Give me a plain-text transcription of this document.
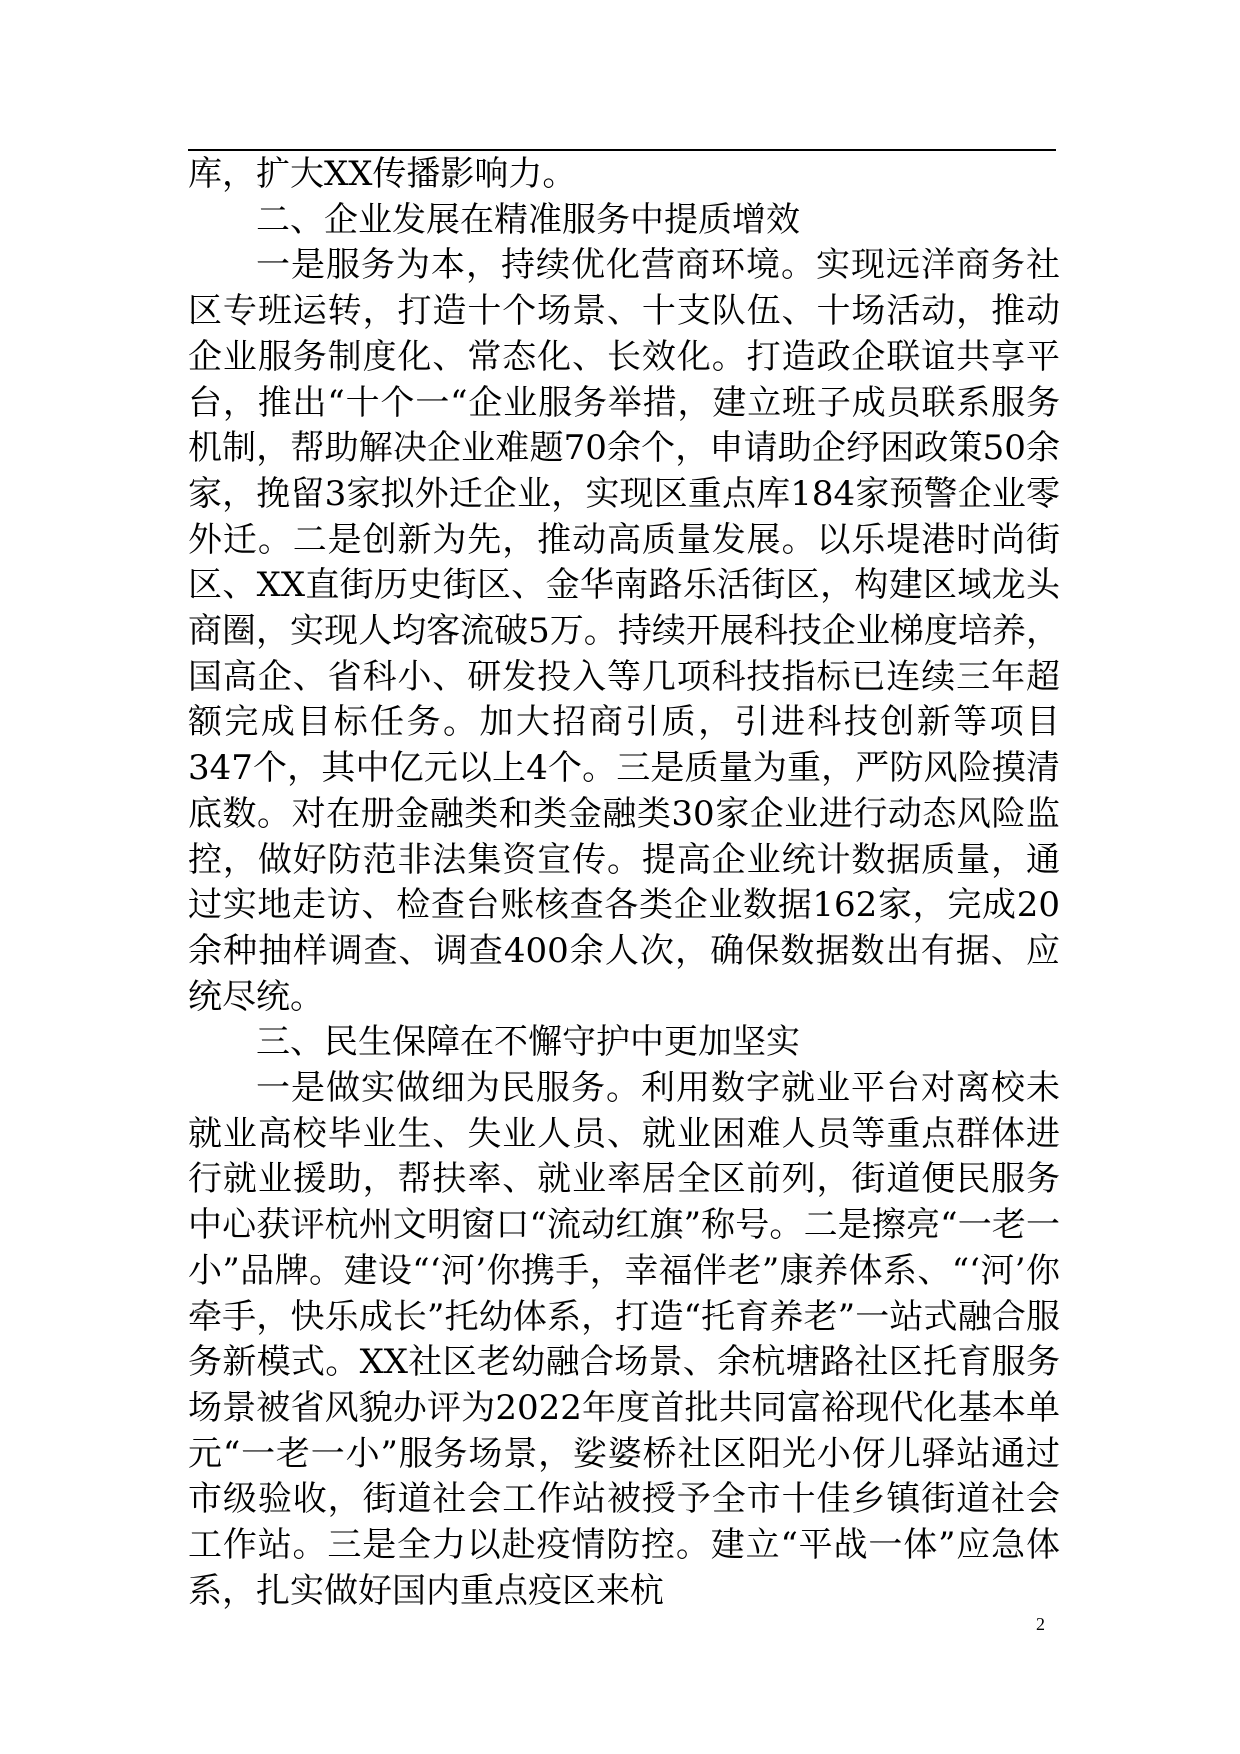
库，扩大XX传播影响力。

二、企业发展在精准服务中提质增效

一是服务为本，持续优化营商环境。实现远洋商务社区专班运转，打造十个场景、十支队伍、十场活动，推动企业服务制度化、常态化、长效化。打造政企联谊共享平台，推出“十个一“企业服务举措，建立班子成员联系服务机制，帮助解决企业难题70余个，申请助企纾困政策50余家，挽留3家拟外迁企业，实现区重点库184家预警企业零外迁。二是创新为先，推动高质量发展。以乐堤港时尚街区、XX直街历史街区、金华南路乐活街区，构建区域龙头商圈，实现人均客流破5万。持续开展科技企业梯度培养，国高企、省科小、研发投入等几项科技指标已连续三年超额完成目标任务。加大招商引质，引进科技创新等项目347个，其中亿元以上4个。三是质量为重，严防风险摸清底数。对在册金融类和类金融类30家企业进行动态风险监控，做好防范非法集资宣传。提高企业统计数据质量，通过实地走访、检查台账核查各类企业数据162家，完成20余种抽样调查、调查400余人次，确保数据数出有据、应统尽统。

三、民生保障在不懈守护中更加坚实

一是做实做细为民服务。利用数字就业平台对离校未就业高校毕业生、失业人员、就业困难人员等重点群体进行就业援助，帮扶率、就业率居全区前列，街道便民服务中心获评杭州文明窗口“流动红旗”称号。二是擦亮“一老一小”品牌。建设“‘河’你携手，幸福伴老”康养体系、“‘河’你牵手，快乐成长”托幼体系，打造“托育养老”一站式融合服务新模式。XX社区老幼融合场景、余杭塘路社区托育服务场景被省风貌办评为2022年度首批共同富裕现代化基本单元“一老一小”服务场景，娑婆桥社区阳光小伢儿驿站通过市级验收，街道社会工作站被授予全市十佳乡镇街道社会工作站。三是全力以赴疫情防控。建立“平战一体”应急体系，扎实做好国内重点疫区来杭

2
